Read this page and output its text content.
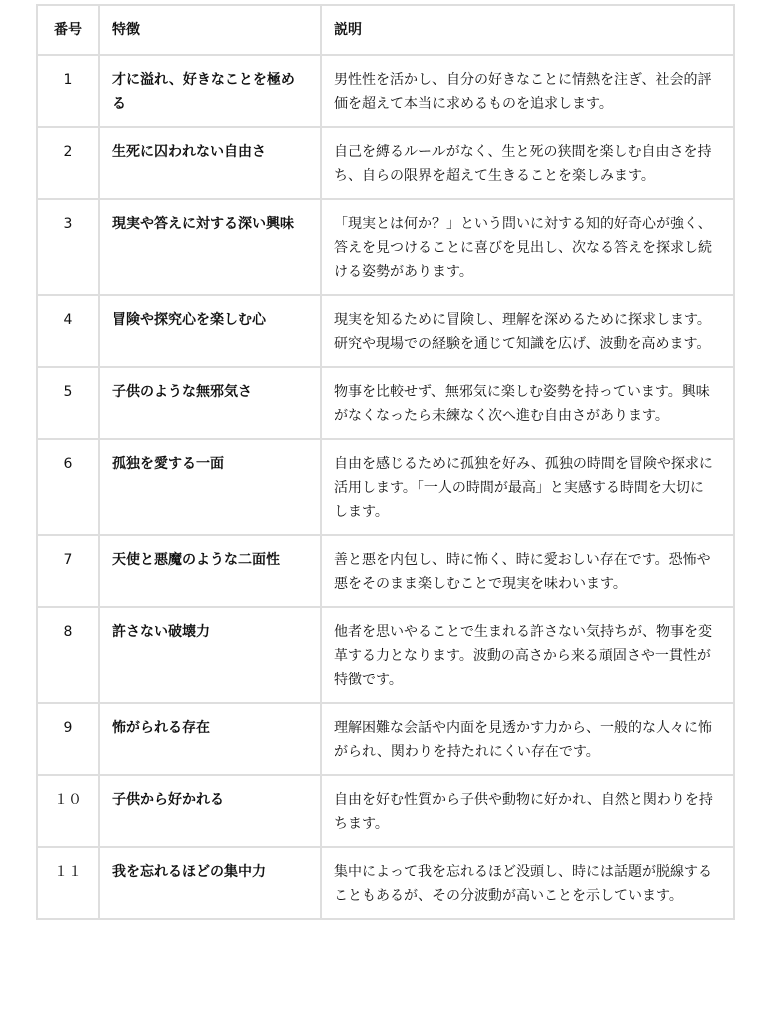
番号	特徴	説明
1	才に溢れ、好きなことを極める	男性性を活かし、自分の好きなことに情熱を注ぎ、社会的評価を超えて本当に求めるものを追求します。
2	生死に囚われない自由さ	自己を縛るルールがなく、生と死の狭間を楽しむ自由さを持ち、自らの限界を超えて生きることを楽しみます。
3	現実や答えに対する深い興味	「現実とは何か？」という問いに対する知的好奇心が強く、答えを見つけることに喜びを見出し、次なる答えを探求し続ける姿勢があります。
4	冒険や探究心を楽しむ心	現実を知るために冒険し、理解を深めるために探求します。研究や現場での経験を通じて知識を広げ、波動を高めます。
5	子供のような無邪気さ	物事を比較せず、無邪気に楽しむ姿勢を持っています。興味がなくなったら未練なく次へ進む自由さがあります。
6	孤独を愛する一面	自由を感じるために孤独を好み、孤独の時間を冒険や探求に活用します。「一人の時間が最高」と実感する時間を大切にします。
7	天使と悪魔のような二面性	善と悪を内包し、時に怖く、時に愛おしい存在です。恐怖や悪をそのまま楽しむことで現実を味わいます。
8	許さない破壊力	他者を思いやることで生まれる許さない気持ちが、物事を変革する力となります。波動の高さから来る頑固さや一貫性が特徴です。
9	怖がられる存在	理解困難な会話や内面を見透かす力から、一般的な人々に怖がられ、関わりを持たれにくい存在です。
１０	子供から好かれる	自由を好む性質から子供や動物に好かれ、自然と関わりを持ちます。
１１	我を忘れるほどの集中力	集中によって我を忘れるほど没頭し、時には話題が脱線することもあるが、その分波動が高いことを示しています。
